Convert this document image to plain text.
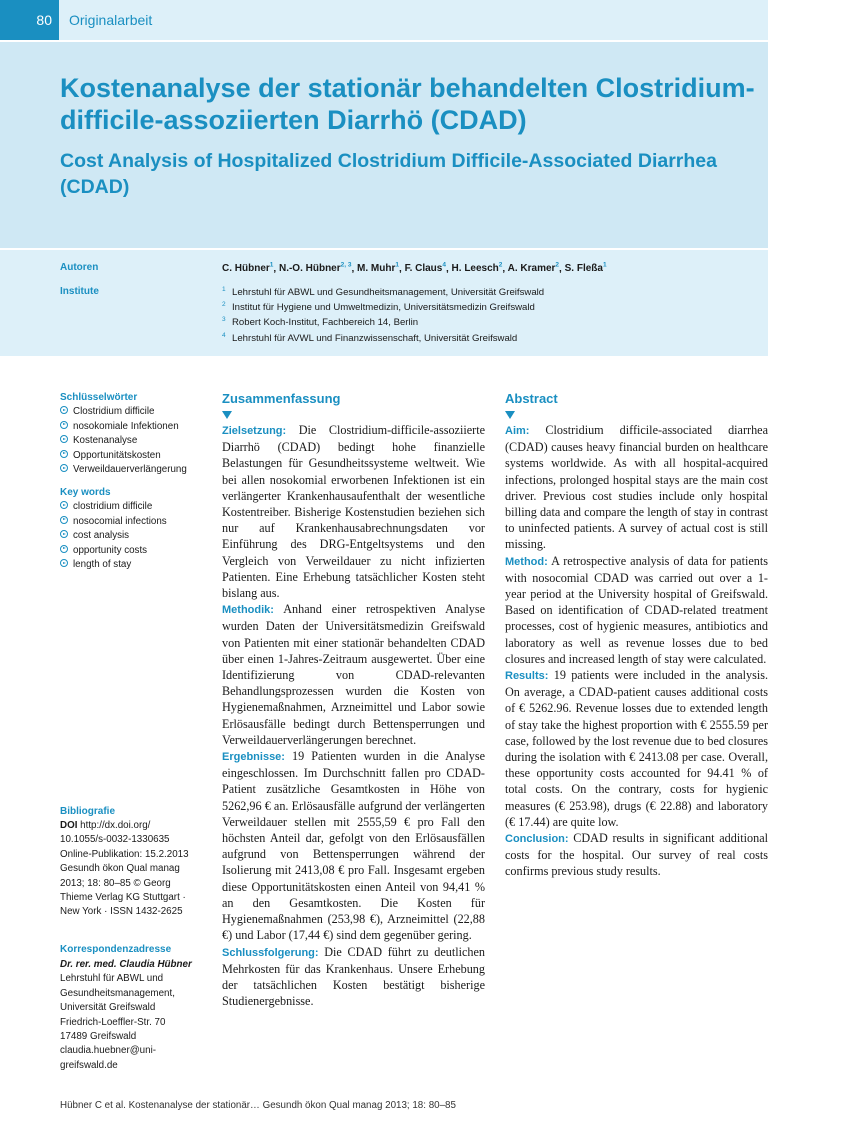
80	Originalarbeit
Kostenanalyse der stationär behandelten Clostridium-difficile-assoziierten Diarrhö (CDAD)
Cost Analysis of Hospitalized Clostridium Difficile-Associated Diarrhea (CDAD)
Autoren
Institute
C. Hübner$^1$, N.-O. Hübner$^{2, 3}$, M. Muhr$^1$, F. Claus$^4$, H. Leesch$^2$, A. Kramer$^2$, S. Fleßa$^1$
$^1$ Lehrstuhl für ABWL und Gesundheitsmanagement, Universität Greifswald
$^2$ Institut für Hygiene und Umweltmedizin, Universitätsmedizin Greifswald
$^3$ Robert Koch-Institut, Fachbereich 14, Berlin
$^4$ Lehrstuhl für AVWL und Finanzwissenschaft, Universität Greifswald
Schlüsselwörter
Clostridium difficile
nosokomiale Infektionen
Kostenanalyse
Opportunitätskosten
Verweildauerverlängerung
Key words
clostridium difficile
nosocomial infections
cost analysis
opportunity costs
length of stay
Bibliografie
DOI http://dx.doi.org/
10.1055/s-0032-1330635
Online-Publikation: 15.2.2013
Gesundh ökon Qual manag
2013; 18: 80–85 © Georg
Thieme Verlag KG Stuttgart ·
New York · ISSN 1432-2625
Korrespondenzadresse
Dr. rer. med. Claudia Hübner
Lehrstuhl für ABWL und
Gesundheitsmanagement,
Universität Greifswald
Friedrich-Loeffler-Str. 70
17489 Greifswald
claudia.huebner@uni-
greifswald.de
Zusammenfassung

Zielsetzung: Die Clostridium-difficile-assoziierte Diarrhö (CDAD) bedingt hohe finanzielle Belastungen für Gesundheitssysteme weltweit. Wie bei allen nosokomial erworbenen Infektionen ist ein verlängerter Krankenhausaufenthalt der wesentliche Kostentreiber. Bisherige Kostenstudien beziehen sich nur auf Krankenhausabrechnungsdaten vor Einführung des DRG-Entgeltsystems und den Vergleich von Verweildauer zu nicht infizierten Patienten. Eine Erhebung tatsächlicher Kosten steht bislang aus.

Methodik: Anhand einer retrospektiven Analyse wurden Daten der Universitätsmedizin Greifswald von Patienten mit einer stationär behandelten CDAD über einen 1-Jahres-Zeitraum ausgewertet. Über eine Identifizierung von CDAD-relevanten Behandlungsprozessen wurden die Kosten von Hygienemaßnahmen, Arzneimittel und Labor sowie Erlösausfälle bedingt durch Bettensperrungen und Verweildauerverlängerungen berechnet.

Ergebnisse: 19 Patienten wurden in die Analyse eingeschlossen. Im Durchschnitt fallen pro CDAD-Patient zusätzliche Gesamtkosten in Höhe von 5262,96 € an. Erlösausfälle aufgrund der verlängerten Verweildauer stellen mit 2555,59 € pro Fall den höchsten Anteil dar, gefolgt von den Erlösausfällen aufgrund von Bettensperrungen während der Isolierung mit 2413,08 € pro Fall. Insgesamt ergeben diese Opportunitätskosten einen Anteil von 94,41 % an den Gesamtkosten. Die Kosten für Hygienemaßnahmen (253,98 €), Arzneimittel (22,88 €) und Labor (17,44 €) sind dem gegenüber gering.

Schlussfolgerung: Die CDAD führt zu deutlichen Mehrkosten für das Krankenhaus. Unsere Erhebung der tatsächlichen Kosten bestätigt bisherige Studienergebnisse.

Abstract

Aim: Clostridium difficile-associated diarrhea (CDAD) causes heavy financial burden on healthcare systems worldwide. As with all hospital-acquired infections, prolonged hospital stays are the main cost driver. Previous cost studies include only hospital billing data and compare the length of stay in contrast to uninfected patients. A survey of actual cost is still missing.

Method: A retrospective analysis of data for patients with nosocomial CDAD was carried out over a 1-year period at the University hospital of Greifswald. Based on identification of CDAD-related treatment processes, cost of hygienic measures, antibiotics and laboratory as well as revenue losses due to bed closures and increased length of stay were calculated.

Results: 19 patients were included in the analysis. On average, a CDAD-patient causes additional costs of € 5262.96. Revenue losses due to extended length of stay take the highest proportion with € 2555.59 per case, followed by the lost revenue due to bed closures during the isolation with € 2413.08 per case. Overall, these opportunity costs accounted for 94.41 % of total costs. On the contrary, costs for hygienic measures (€ 253.98), drugs (€ 22.88) and laboratory (€ 17.44) are quite low.

Conclusion: CDAD results in significant additional costs for the hospital. Our survey of real costs confirms previous study results.

Hübner C et al. Kostenanalyse der stationär… Gesundh ökon Qual manag 2013; 18: 80–85
